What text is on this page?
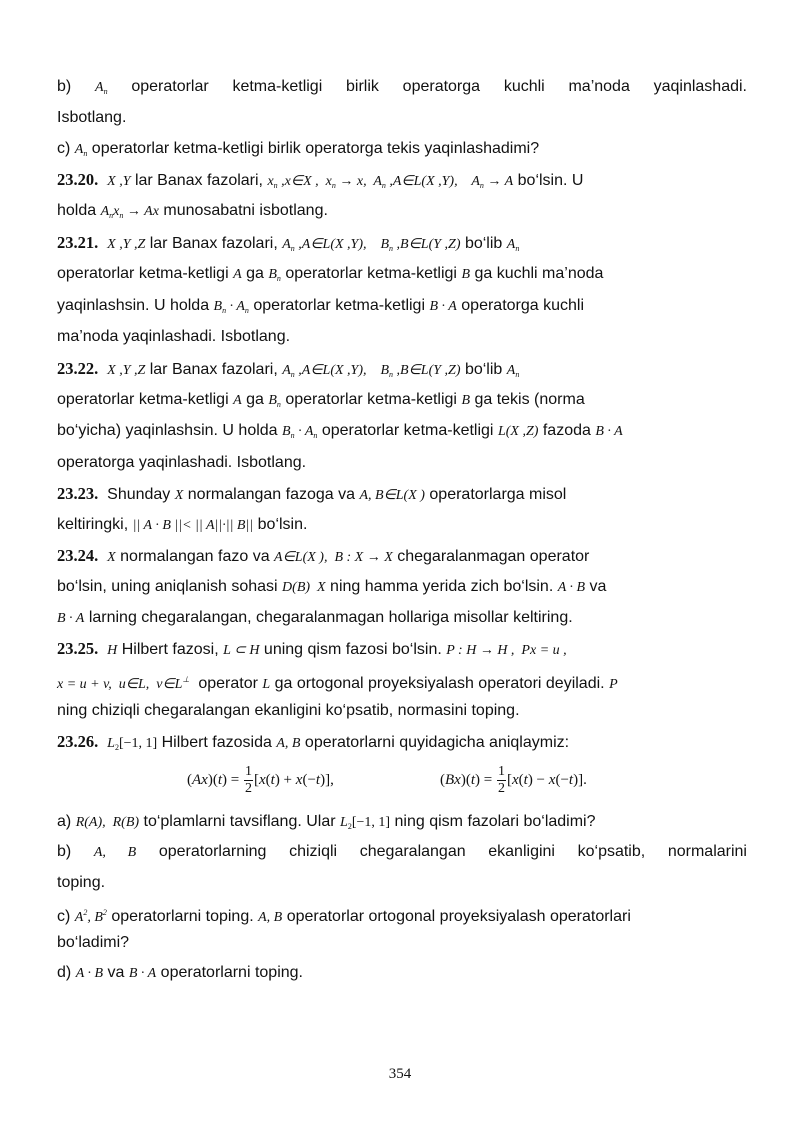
b) $A_n$ operatorlar ketma-ketligi birlik operatorga kuchli ma’noda yaqinlashadi.
Isbotlang.
c) $A_n$ operatorlar ketma-ketligi birlik operatorga tekis yaqinlashadimi?
23.20. X ,Y lar Banax fazolari, $x_n$ ,x∈X ,  $x_n \to x$,  $A_n$ ,A∈L(X ,Y),    $A_n \to A$ bo‘lsin. U
holda $A_nx_n \to Ax$ munosabatni isbotlang.
23.21. X ,Y ,Z lar Banax fazolari, $A_n$ ,A∈L(X ,Y),    $B_n$ ,B∈L(Y ,Z) bo‘lib $A_n$
operatorlar ketma-ketligi A ga $B_n$ operatorlar ketma-ketligi B ga kuchli ma’noda
yaqinlashsin. U holda $B_n \cdot A_n$ operatorlar ketma-ketligi B · A operatorga kuchli
ma’noda yaqinlashadi. Isbotlang.
23.22. X ,Y ,Z lar Banax fazolari, $A_n$ ,A∈L(X ,Y),    $B_n$ ,B∈L(Y ,Z) bo‘lib $A_n$
operatorlar ketma-ketligi A ga $B_n$ operatorlar ketma-ketligi B ga tekis (norma
bo‘yicha) yaqinlashsin. U holda $B_n \cdot A_n$ operatorlar ketma-ketligi L(X ,Z) fazoda B · A
operatorga yaqinlashadi. Isbotlang.
23.23. Shunday X normalangan fazoga va A, B∈L(X ) operatorlarga misol
keltiringki, || A · B ||< || A||·|| B|| bo‘lsin.
23.24. X normalangan fazo va A∈L(X ),  B : X → X chegaralanmagan operator
bo‘lsin, uning aniqlanish sohasi D(B)  X ning hamma yerida zich bo‘lsin. A · B va
B · A larning chegaralangan, chegaralanmagan hollariga misollar keltiring.
23.25. H Hilbert fazosi, L ⊂ H uning qism fazosi bo‘lsin. P : H → H ,  Px = u ,
x = u + v,  u∈L,  v∈L⊥ operator L ga ortogonal proyeksiyalash operatori deyiladi. P
ning chiziqli chegaralangan ekanligini ko‘psatib, normasini toping.
23.26. $L_2[-1$, 1] Hilbert fazosida A, B operatorlarni quyidagicha aniqlaymiz:
$(Ax)(t) = \frac{1}{2} [x(t) + x(-t)]$,	$(Bx)(t) = \frac{1}{2} [x(t) - x(-t)]$.
a) R(A),  R(B) to‘plamlarni tavsiflang. Ular $L_2[-1$, 1] ning qism fazolari bo‘ladimi?
b) A, B operatorlarning chiziqli chegaralangan ekanligini ko‘psatib, normalarini
toping.
c) $A^2$, $B^2$ operatorlarni toping. A, B operatorlar ortogonal proyeksiyalash operatorlari
bo‘ladimi?
d) A · B va B · A operatorlarni toping.
354
